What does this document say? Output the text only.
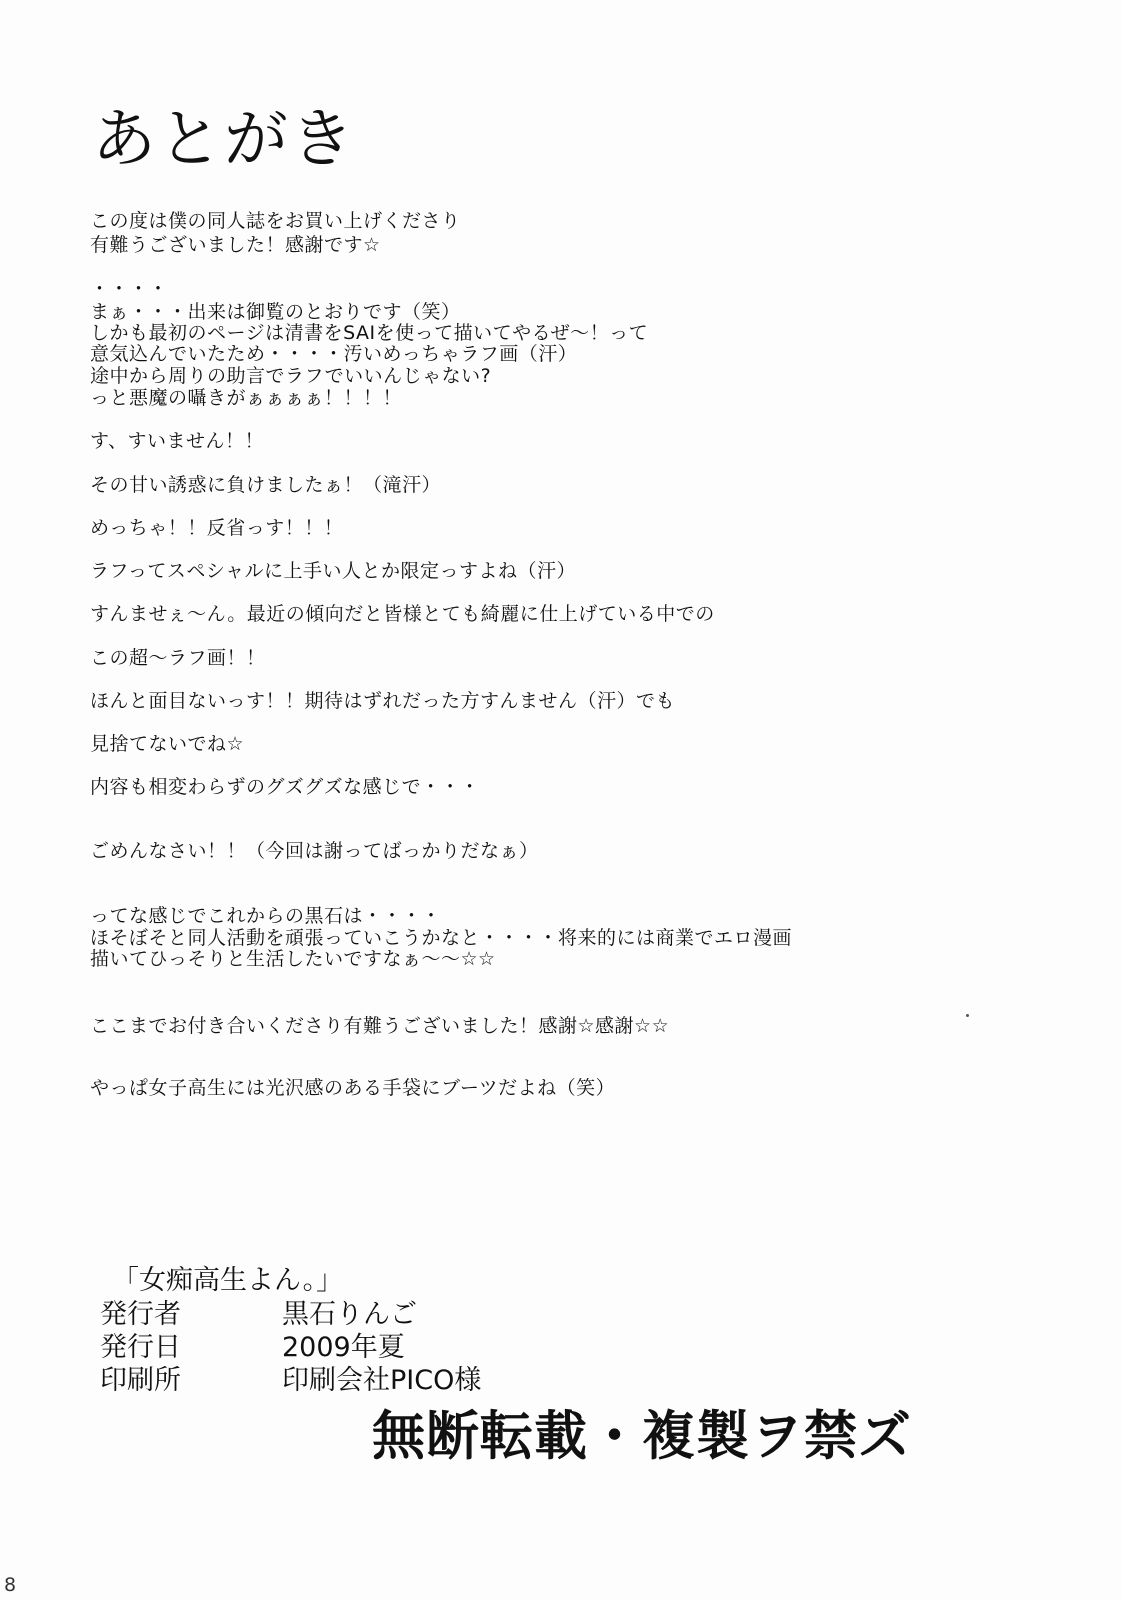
あとがき
この度は僕の同人誌をお買い上げくださり
有難うございました！感謝です☆
・・・・
まぁ・・・出来は御覧のとおりです（笑）
しかも最初のページは清書をSAIを使って描いてやるぜ～！って
意気込んでいたため・・・・汚いめっちゃラフ画（汗）
途中から周りの助言でラフでいいんじゃない?
っと悪魔の囁きがぁぁぁぁ！！！！
す、すいません！！
その甘い誘惑に負けましたぁ！（滝汗）
めっちゃ！！反省っす！！！
ラフってスペシャルに上手い人とか限定っすよね（汗）
すんませぇ～ん。最近の傾向だと皆様とても綺麗に仕上げている中での
この超～ラフ画！！
ほんと面目ないっす！！期待はずれだった方すんません（汗）でも
見捨てないでね☆
内容も相変わらずのグズグズな感じで・・・
ごめんなさい！！（今回は謝ってばっかりだなぁ）
ってな感じでこれからの黒石は・・・・
ほそぼそと同人活動を頑張っていこうかなと・・・・将来的には商業でエロ漫画
描いてひっそりと生活したいですなぁ～～☆☆
ここまでお付き合いくださり有難うございました！感謝☆感謝☆☆
やっぱ女子高生には光沢感のある手袋にブーツだよね（笑）
「女痴高生よん。」
発行者	黒石りんご
発行日	2009年夏
印刷所	印刷会社PICO様
無断転載・複製ヲ禁ズ
8
